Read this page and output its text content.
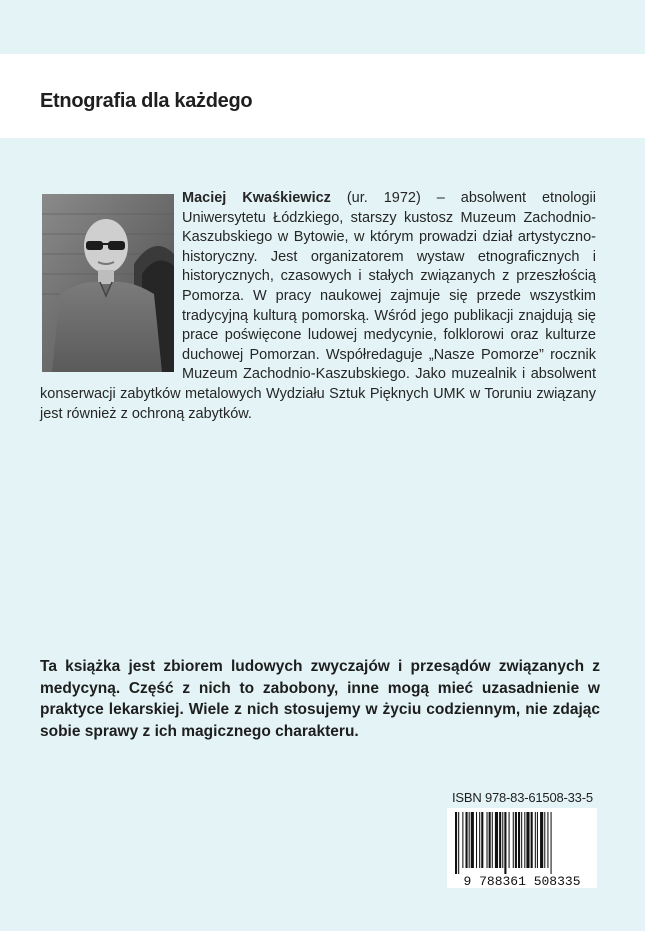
Etnografia dla każdego
Maciej Kwaśkiewicz (ur. 1972) – absolwent etnologii Uniwersytetu Łódzkiego, starszy kustosz Muzeum Zachodnio-Kaszubskiego w Bytowie, w którym prowadzi dział artystyczno-historyczny. Jest organizatorem wystaw etnograficznych i historycznych, czasowych i stałych związanych z przeszłością Pomorza. W pracy naukowej zajmuje się przede wszystkim tradycyjną kulturą pomorską. Wśród jego publikacji znajdują się prace poświęcone ludowej medycynie, folklorowi oraz kulturze duchowej Pomorzan. Współredaguje „Nasze Pomorze” rocznik Muzeum Zachodnio-Kaszubskiego. Jako muzealnik i absolwent konserwacji zabytków metalowych Wydziału Sztuk Pięknych UMK w Toruniu związany jest również z ochroną zabytków.
Ta książka jest zbiorem ludowych zwyczajów i przesądów związanych z medycyną. Część z nich to zabobony, inne mogą mieć uzasadnienie w praktyce lekarskiej. Wiele z nich stosujemy w życiu codziennym, nie zdając sobie sprawy z ich magicznego charakteru.
ISBN 978-83-61508-33-5
9 788361 508335
